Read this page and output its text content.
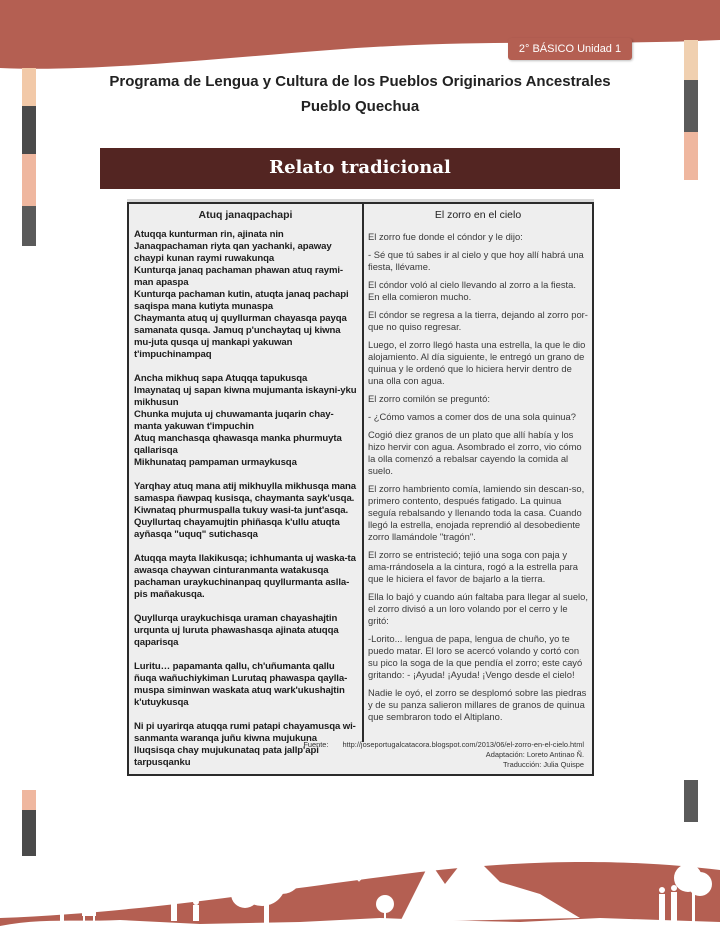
2° BÁSICO Unidad 1
Programa de Lengua y Cultura de los Pueblos Originarios Ancestrales
Pueblo Quechua
Relato tradicional
Atuq janaqpachapi

Atuqqa kunturman rin, ajinata nin

Janaqpachaman riyta qan yachanki, apaway chaypi kunan raymi ruwakunqa

Kunturqa janaq pachaman phawan atuq raymi-man apaspa

Kunturqa pachaman kutin, atuqta janaq pachapi saqispa mana kutiyta munaspa

Chaymanta atuq uj quyllurman chayasqa payqa samanata qusqa. Jamuq p'unchaytaq uj kiwna mu-juta qusqa uj mankapi yakuwan t'impuchinampaq

Ancha mikhuq sapa Atuqqa tapukusqa

Imaynataq uj sapan kiwna mujumanta iskayni-yku mikhusun

Chunka mujuta uj chuwamanta juqarin chay-manta yakuwan t'impuchin

Atuq manchasqa qhawasqa manka phurmuyta qallarisqa

Mikhunataq pampaman urmaykusqa

Yarqhay atuq mana atij mikhuylla mikhusqa mana samaspa ñawpaq kusisqa, chaymanta sayk'usqa. Kiwnataq phurmuspalla tukuy wasi-ta junt'asqa. Quyllurtaq chayamujtin phiñasqa k'ullu atuqta ayñasqa "uquq" sutichasqa

Atuqqa mayta llakikusqa; ichhumanta uj waska-ta awasqa chaywan cinturanmanta watakusqa pachaman uraykuchinanpaq quyllurmanta aslla-pis mañakusqa.

Quyllurqa uraykuchisqa uraman chayashajtin urqunta uj luruta phawashasqa ajinata atuqqa qaparisqa

Luritu… papamanta qallu, ch'uñumanta qallu ñuqa wañuchiykiman Lurutaq phawaspa qaylla-muspa siminwan waskata atuq wark'ukushajtin k'utuykusqa

Ni pi uyarirqa atuqqa rumi patapi chayamusqa wi-sanmanta waranqa juñu kiwna mujukuna lluqsisqa chay mujukunataq pata jallp'api tarpusqanku

El zorro en el cielo

El zorro fue donde el cóndor y le dijo:

- Sé que tú sabes ir al cielo y que hoy allí habrá una fiesta, llévame.

El cóndor voló al cielo llevando al zorro a la fiesta. En ella comieron mucho.

El cóndor se regresa a la tierra, dejando al zorro por-que no quiso regresar.

Luego, el zorro llegó hasta una estrella, la que le dio alojamiento. Al día siguiente, le entregó un grano de quinua y le ordenó que lo hiciera hervir dentro de una olla con agua.

El zorro comilón se preguntó:

- ¿Cómo vamos a comer dos de una sola quinua?

Cogió diez granos de un plato que allí había y los hizo hervir con agua. Asombrado el zorro, vio cómo la olla comenzó a rebalsar cayendo la comida al suelo.

El zorro hambriento comía, lamiendo sin descan-so, primero contento, después fatigado. La quinua seguía rebalsando y llenando toda la casa. Cuando llegó la estrella, enojada reprendió al desobediente zorro llamándole "tragón".

El zorro se entristeció; tejió una soga con paja y ama-rrándosela a la cintura, rogó a la estrella para que le hiciera el favor de bajarlo a la tierra.

Ella lo bajó y cuando aún faltaba para llegar al suelo, el zorro divisó a un loro volando por el cerro y le gritó:

-Lorito... lengua de papa, lengua de chuño, yo te puedo matar. El loro se acercó volando y cortó con su pico la soga de la que pendía el zorro; este cayó gritando: - ¡Ayuda! ¡Ayuda! ¡Vengo desde el cielo!

Nadie le oyó, el zorro se desplomó sobre las piedras y de su panza salieron millares de granos de quinua que sembraron todo el Altiplano.

Fuente: http://joseportugalcatacora.blogspot.com/2013/06/el-zorro-en-el-cielo.html
Adaptación: Loreto Antinao Ñ.
Traducción: Julia Quispe
